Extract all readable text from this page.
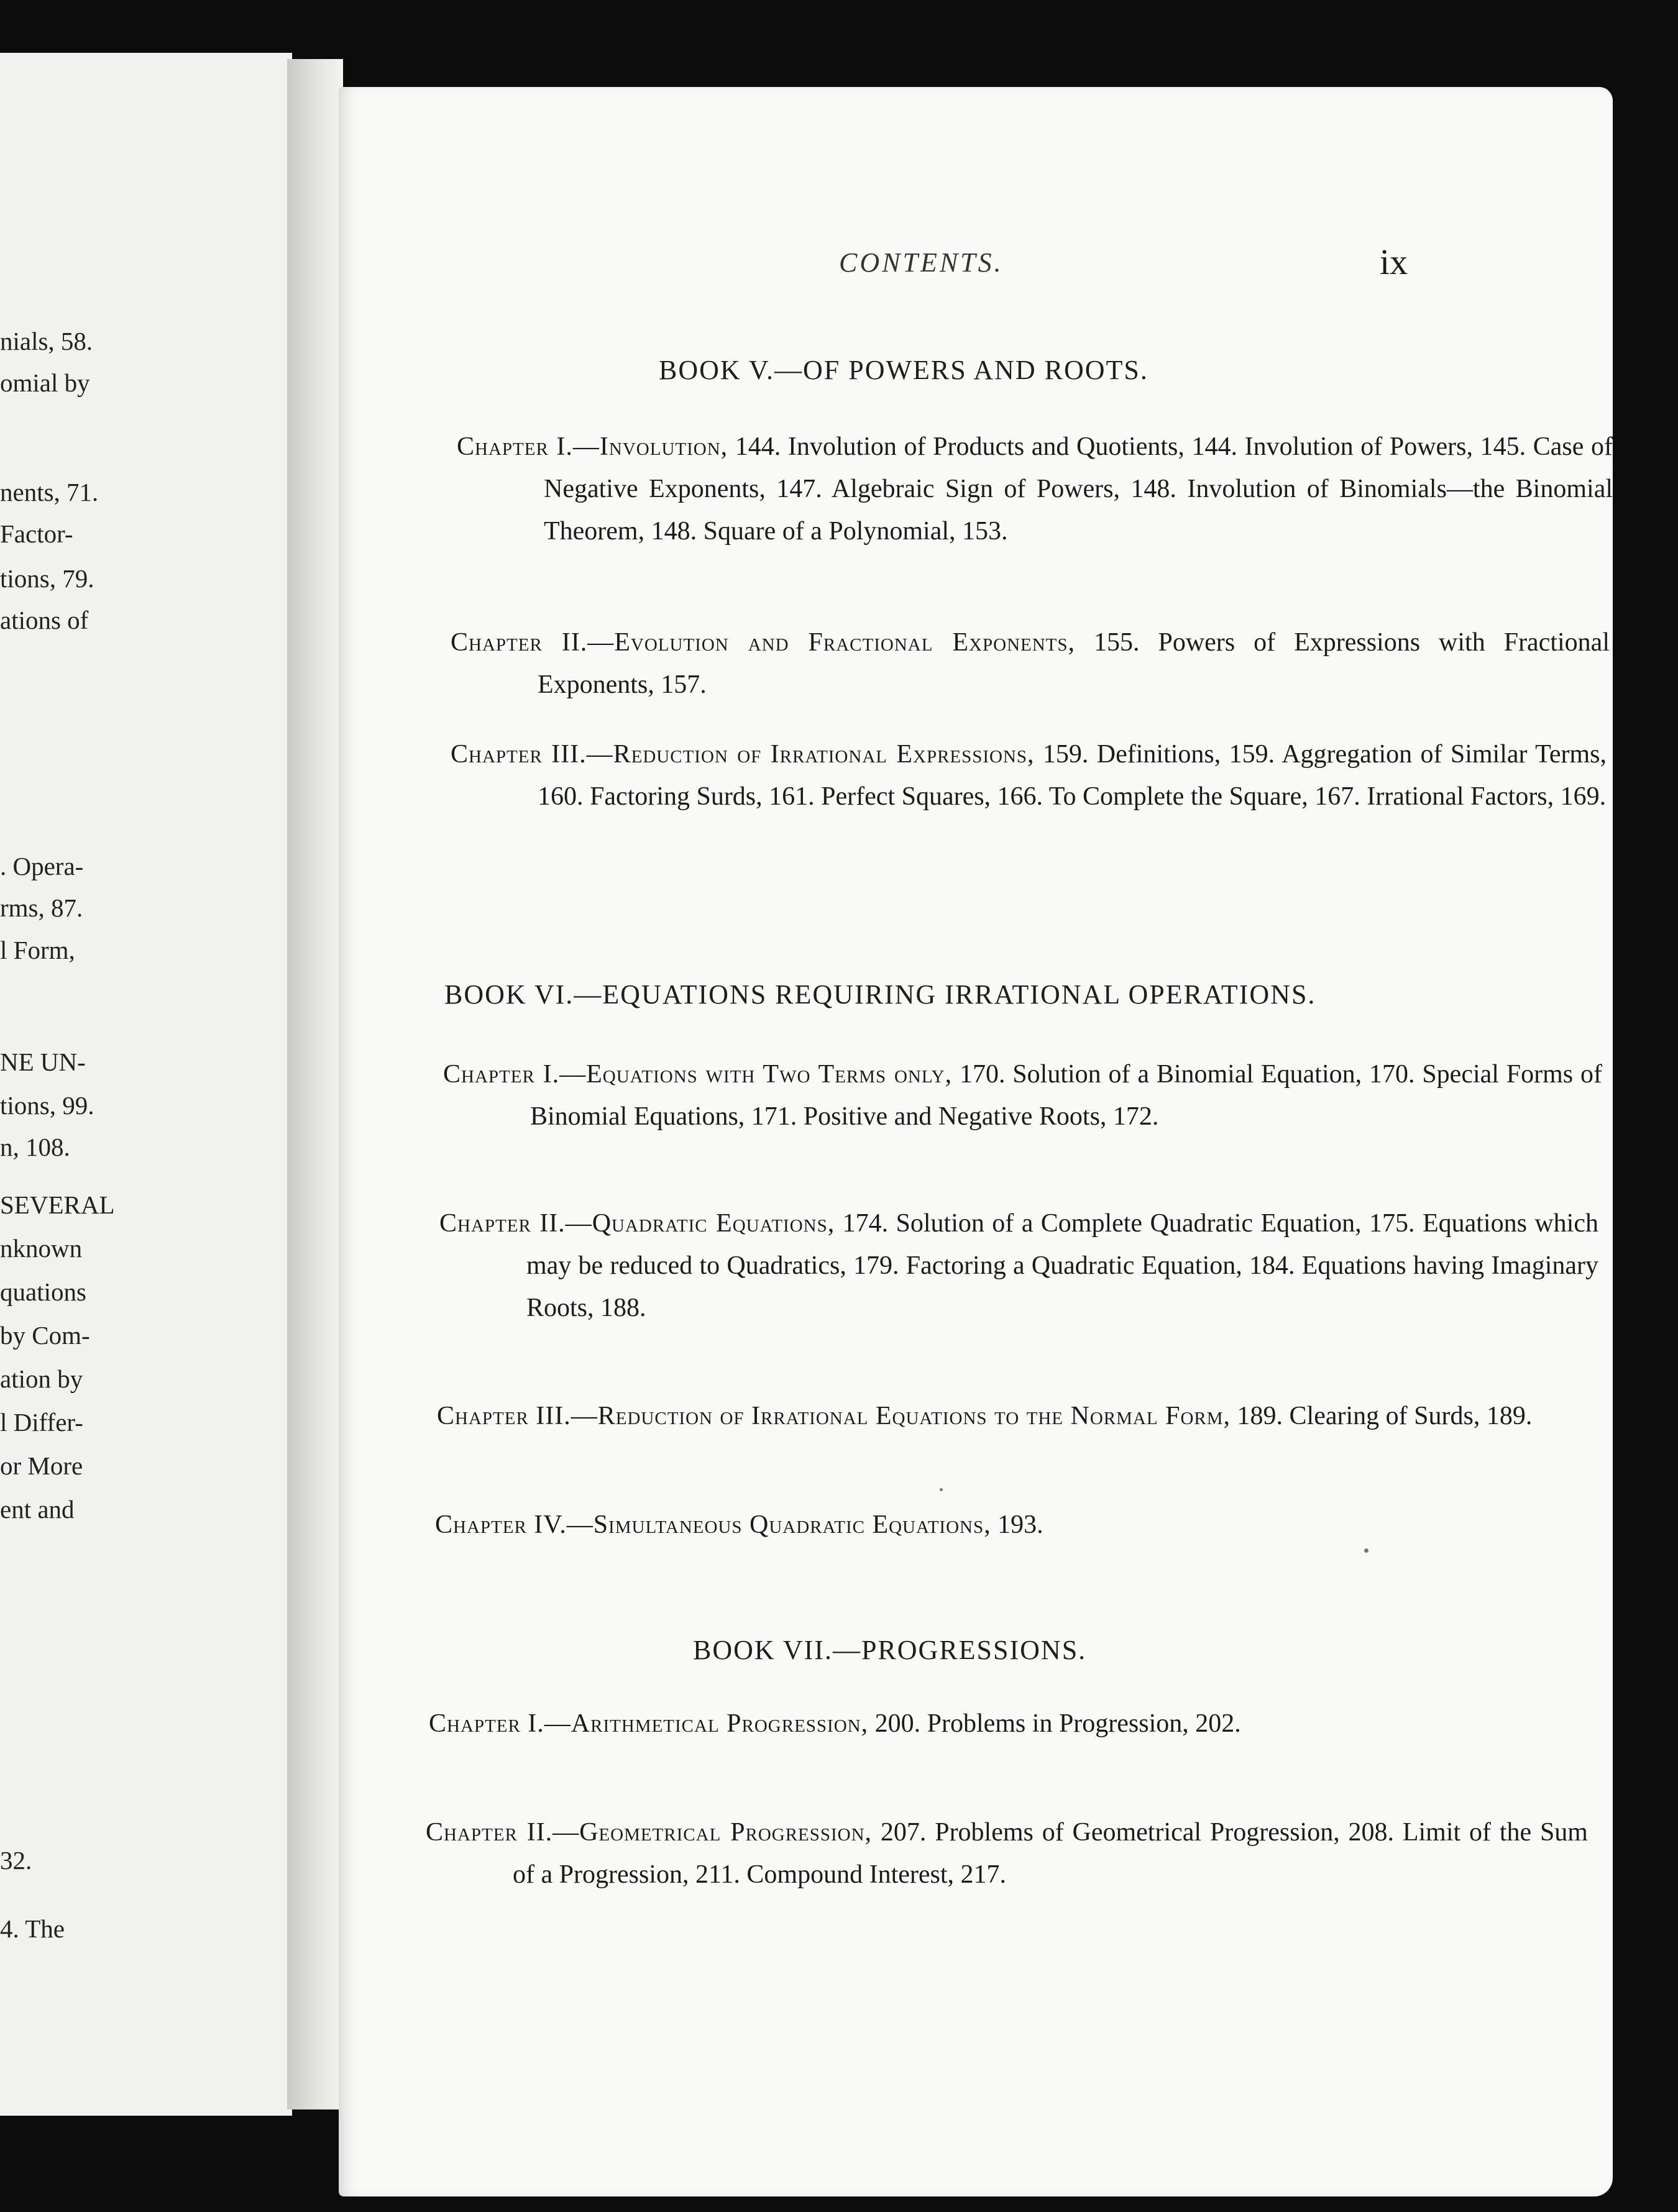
nials, 58.
omial by
nents, 71.
Factor-
tions, 79.
ations of
. Opera-
rms, 87.
l Form,
NE UN-
tions, 99.
n, 108.
SEVERAL
nknown
quations
by Com-
ation by
l Differ-
or More
ent and
32.
4. The
CONTENTS.	ix
BOOK V.—OF POWERS AND ROOTS.
Chapter I.—Involution, 144. Involution of Products and Quotients, 144. Involution of Powers, 145. Case of Negative Exponents, 147. Algebraic Sign of Powers, 148. Involution of Binomials—the Binomial Theorem, 148. Square of a Polynomial, 153.
Chapter II.—Evolution and Fractional Exponents, 155. Powers of Expressions with Fractional Exponents, 157.
Chapter III.—Reduction of Irrational Expressions, 159. Definitions, 159. Aggregation of Similar Terms, 160. Factoring Surds, 161. Perfect Squares, 166. To Complete the Square, 167. Irrational Factors, 169.
BOOK VI.—EQUATIONS REQUIRING IRRATIONAL OPERATIONS.
Chapter I.—Equations with Two Terms only, 170. Solution of a Binomial Equation, 170. Special Forms of Binomial Equations, 171. Positive and Negative Roots, 172.
Chapter II.—Quadratic Equations, 174. Solution of a Complete Quadratic Equation, 175. Equations which may be reduced to Quadratics, 179. Factoring a Quadratic Equation, 184. Equations having Imaginary Roots, 188.
Chapter III.—Reduction of Irrational Equations to the Normal Form, 189. Clearing of Surds, 189.
Chapter IV.—Simultaneous Quadratic Equations, 193.
BOOK VII.—PROGRESSIONS.
Chapter I.—Arithmetical Progression, 200. Problems in Progression, 202.
Chapter II.—Geometrical Progression, 207. Problems of Geometrical Progression, 208. Limit of the Sum of a Progression, 211. Compound Interest, 217.
